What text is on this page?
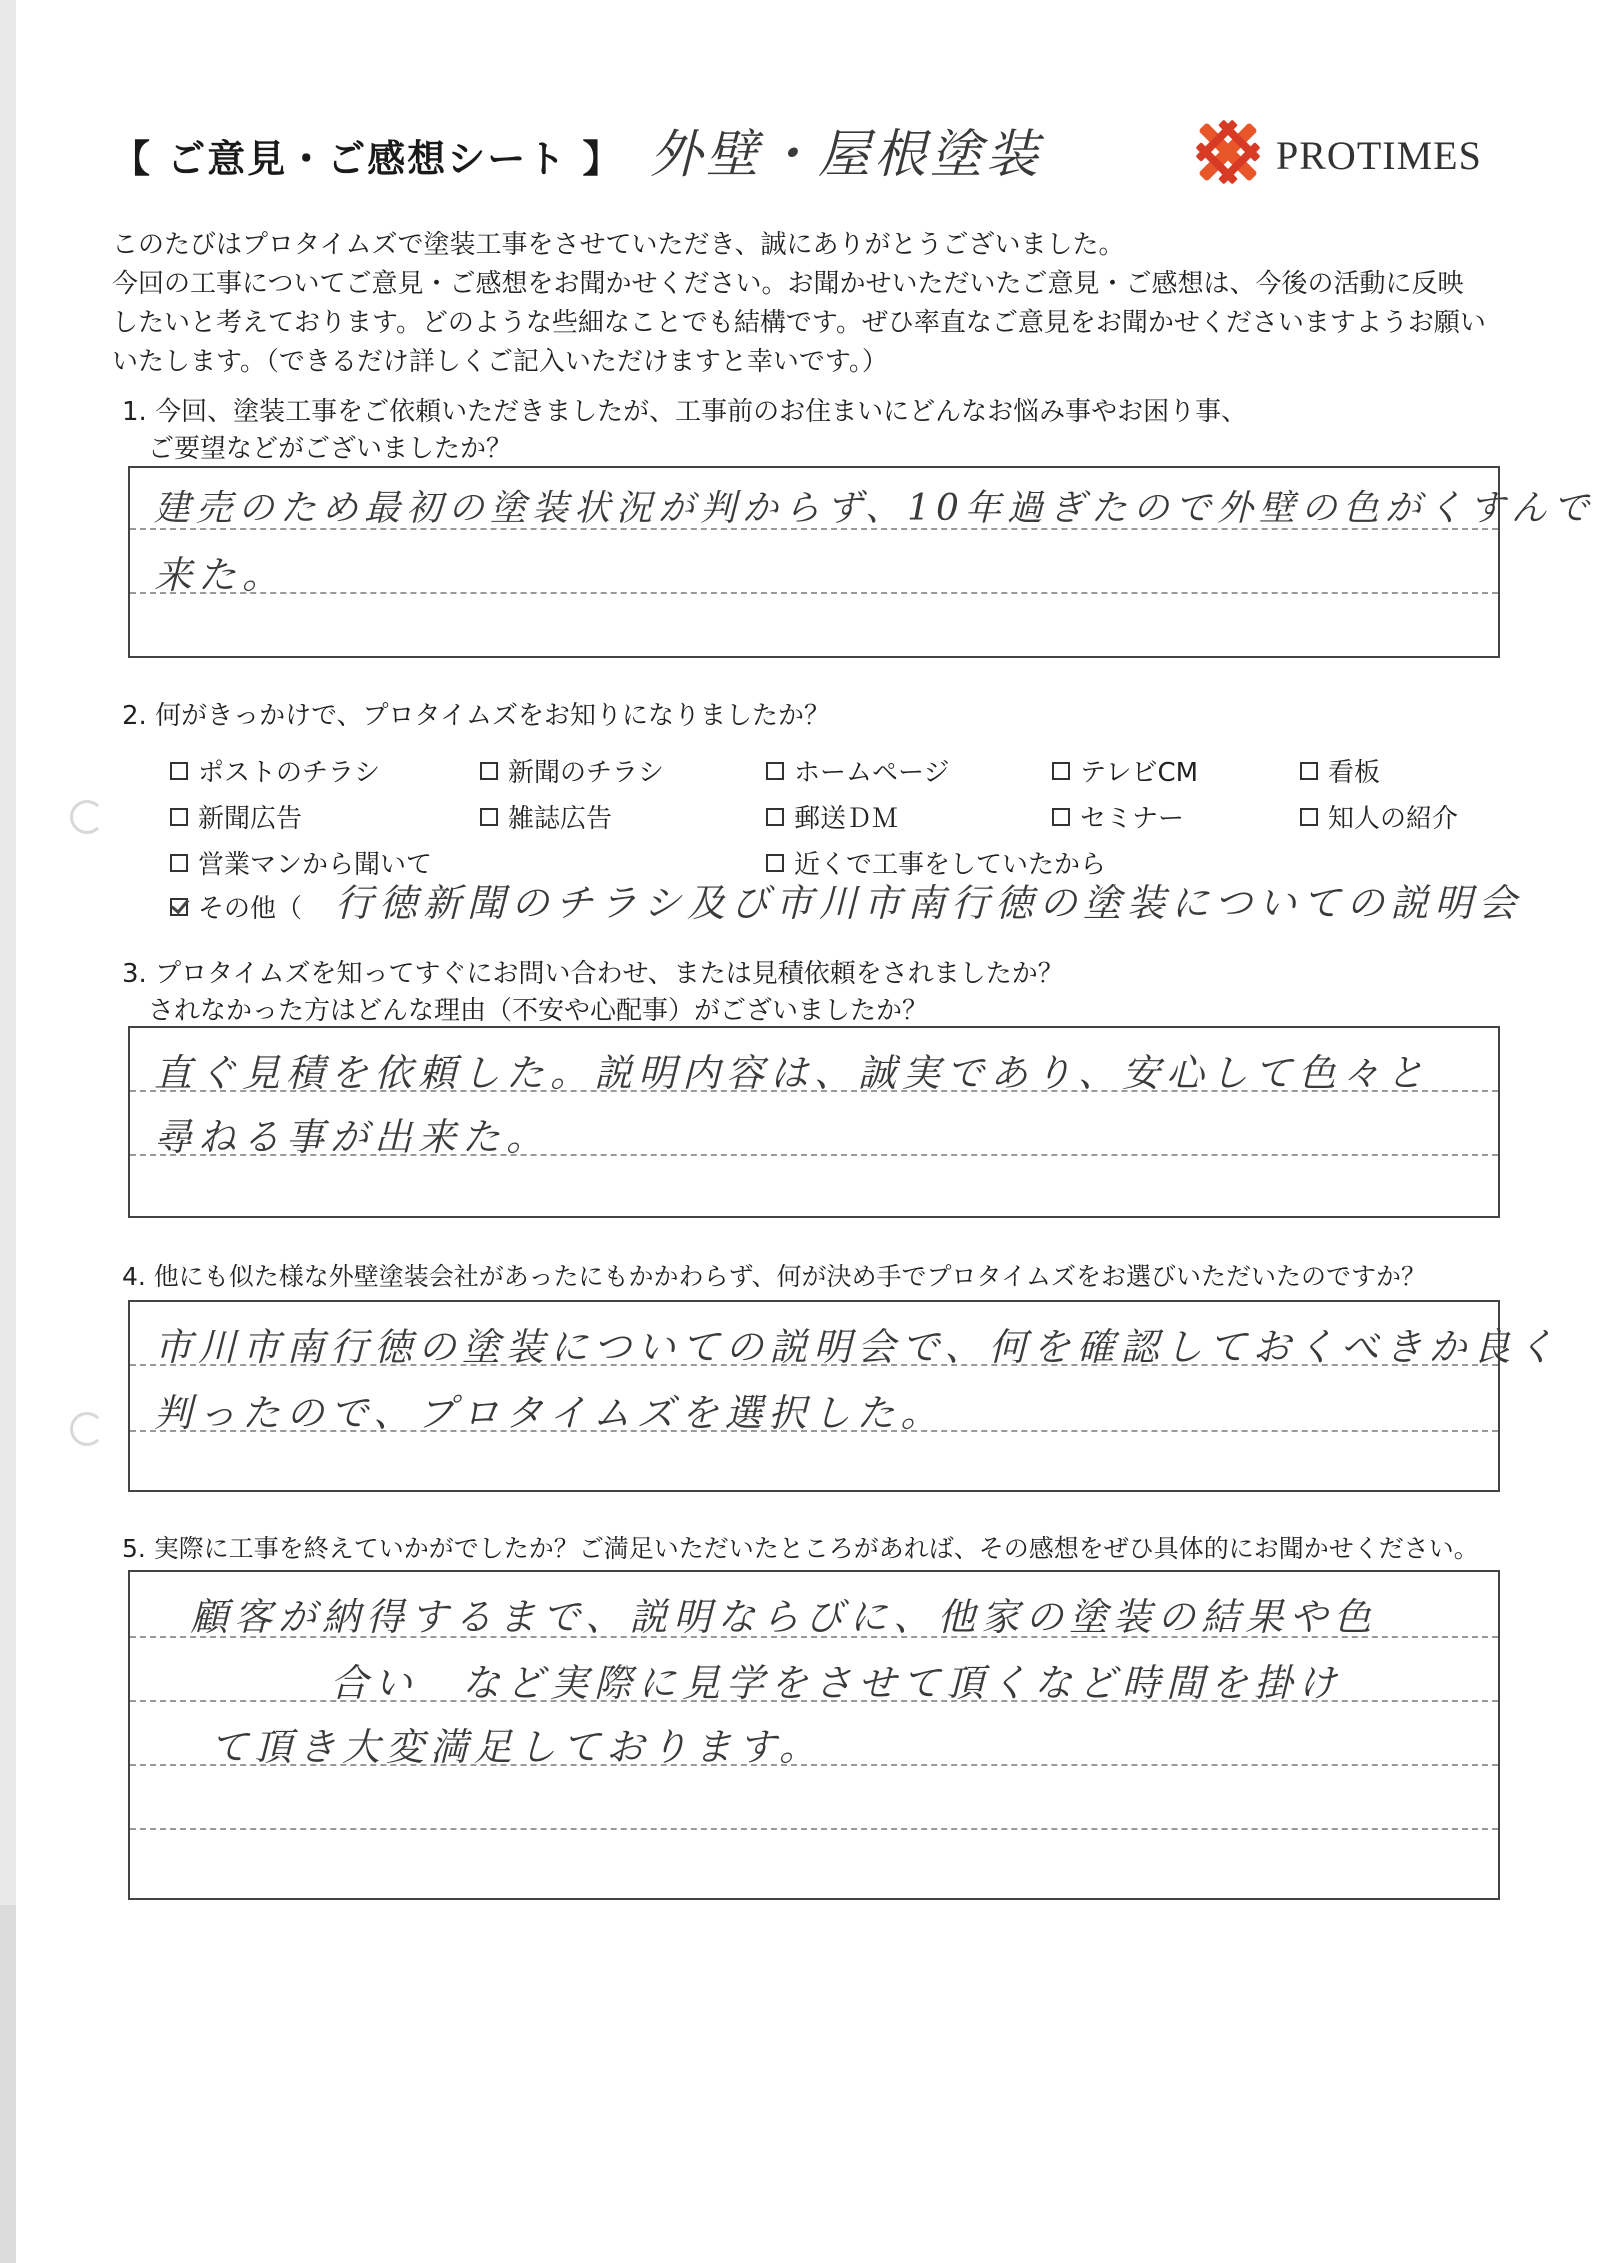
【 ご意見・ご感想シート 】 外壁・屋根塗装	PROTIMES

このたびはプロタイムズで塗装工事をさせていただき、誠にありがとうございました。

今回の工事についてご意見・ご感想をお聞かせください。お聞かせいただいたご意見・ご感想は、今後の活動に反映

したいと考えております。どのような些細なことでも結構です。ぜひ率直なご意見をお聞かせくださいますようお願い

いたします。（できるだけ詳しくご記入いただけますと幸いです。）

1. 今回、塗装工事をご依頼いただきましたが、工事前のお住まいにどんなお悩み事やお困り事、

　ご要望などがございましたか？

建売のため最初の塗装状況が判からず、10年過ぎたので外壁の色がくすんで
来た。

2. 何がきっかけで、プロタイムズをお知りになりましたか？

ポストのチラシ	新聞のチラシ	ホームページ	テレビCM	看板
新聞広告	雑誌広告	郵送ＤＭ	セミナー	知人の紹介
営業マンから聞いて	近くで工事をしていたから
その他（ 行徳新聞のチラシ及び市川市南行徳の塗装についての説明会

3. プロタイムズを知ってすぐにお問い合わせ、または見積依頼をされましたか？

　されなかった方はどんな理由（不安や心配事）がございましたか？

直ぐ見積を依頼した。説明内容は、誠実であり、安心して色々と
尋ねる事が出来た。

4. 他にも似た様な外壁塗装会社があったにもかかわらず、何が決め手でプロタイムズをお選びいただいたのですか？

市川市南行徳の塗装についての説明会で、何を確認しておくべきか良く
判ったので、プロタイムズを選択した。

5. 実際に工事を終えていかがでしたか？ご満足いただいたところがあれば、その感想をぜひ具体的にお聞かせください。

顧客が納得するまで、説明ならびに、他家の塗装の結果や色
合い　など実際に見学をさせて頂くなど時間を掛け
て頂き大変満足しております。
